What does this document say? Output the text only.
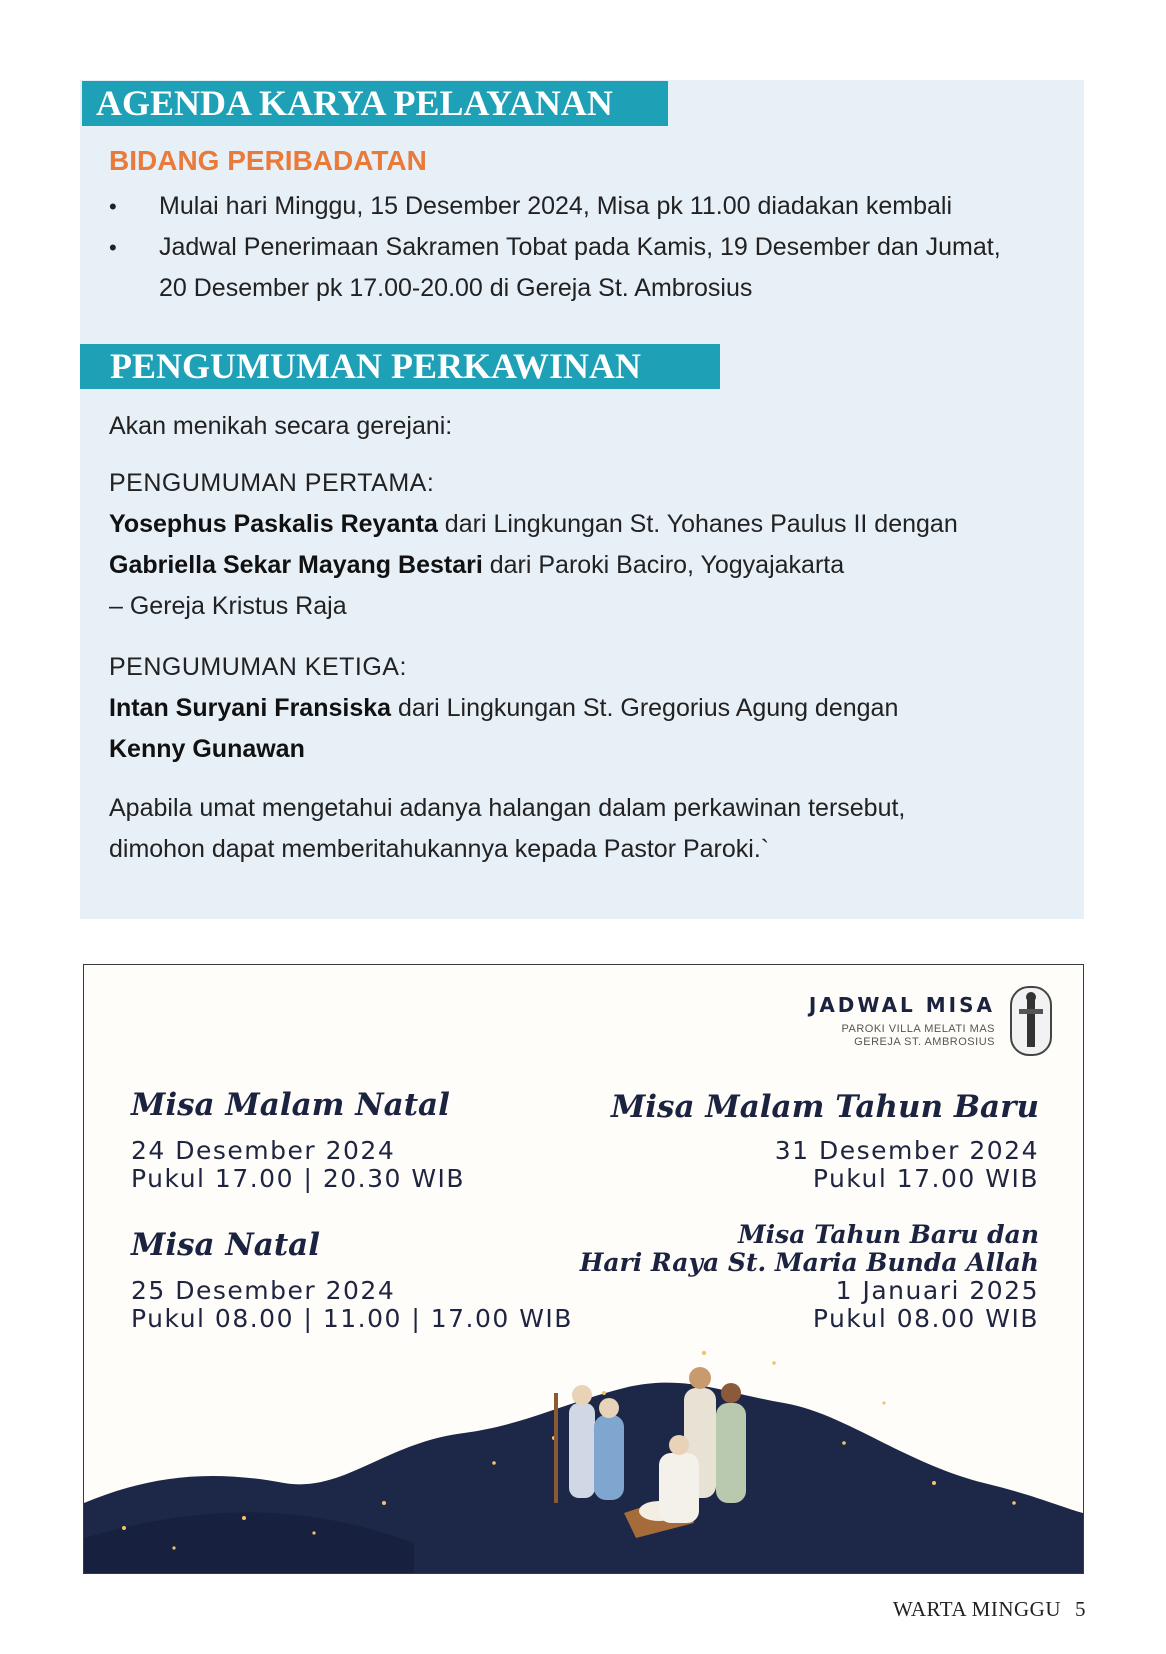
AGENDA KARYA PELAYANAN
BIDANG PERIBADATAN
• Mulai hari Minggu, 15 Desember 2024, Misa pk 11.00 diadakan kembali
• Jadwal Penerimaan Sakramen Tobat pada Kamis, 19 Desember dan Jumat, 20 Desember pk 17.00-20.00 di Gereja St. Ambrosius
PENGUMUMAN PERKAWINAN
Akan menikah secara gerejani:
PENGUMUMAN PERTAMA:
Yosephus Paskalis Reyanta dari Lingkungan St. Yohanes Paulus II dengan
Gabriella Sekar Mayang Bestari dari Paroki Baciro, Yogyajakarta
– Gereja Kristus Raja
PENGUMUMAN KETIGA:
Intan Suryani Fransiska dari Lingkungan St. Gregorius Agung dengan
Kenny Gunawan
Apabila umat mengetahui adanya halangan dalam perkawinan tersebut, dimohon dapat memberitahukannya kepada Pastor Paroki.`
JADWAL MISA
PAROKI VILLA MELATI MAS
GEREJA ST. AMBROSIUS
Misa Malam Natal
24 Desember 2024
Pukul 17.00 | 20.30 WIB
Misa Natal
25 Desember 2024
Pukul 08.00 | 11.00 | 17.00 WIB
Misa Malam Tahun Baru
31 Desember 2024
Pukul 17.00 WIB
Misa Tahun Baru dan
Hari Raya St. Maria Bunda Allah
1 Januari 2025
Pukul 08.00 WIB
WARTA MINGGU 5
